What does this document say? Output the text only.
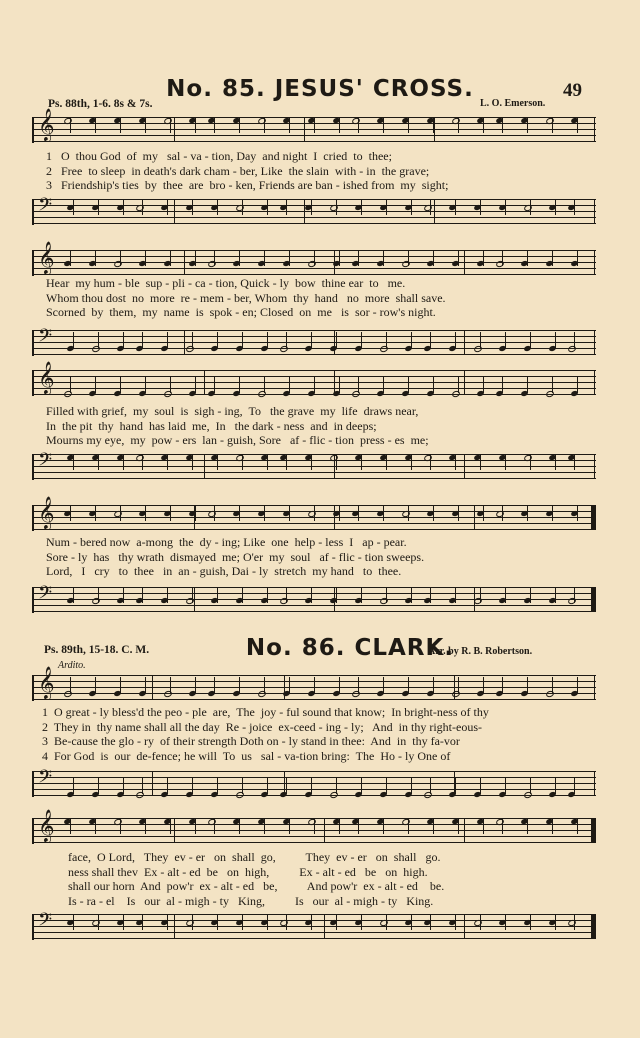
49
No. 85. JESUS' CROSS.
Ps. 88th, 1-6. 8s & 7s.	L. O. Emerson.
𝄞
1   O  thou God  of  my   sal - va - tion, Day  and night  I  cried  to  thee;
2   Free  to sleep  in death's dark cham - ber, Like  the slain  with - in  the grave;
3   Friendship's ties  by  thee  are  bro - ken, Friends are ban - ished from  my  sight;
𝄢
𝄞
Hear  my hum - ble  sup - pli - ca - tion, Quick - ly  bow  thine ear  to   me.
Whom thou dost  no  more  re - mem - ber, Whom  thy  hand   no  more  shall save.
Scorned  by  them,  my  name  is  spok - en; Closed  on  me   is  sor - row's night.
𝄢
𝄞
Filled with grief,  my  soul  is  sigh - ing,  To   the grave  my  life  draws near,
In  the pit  thy  hand  has laid  me,  In   the dark - ness  and  in deeps;
Mourns my eye,  my  pow - ers  lan - guish, Sore   af - flic - tion  press - es  me;
𝄢
𝄞
Num - bered now  a-mong  the  dy - ing; Like  one  help - less  I   ap - pear.
Sore - ly  has   thy wrath  dismayed  me; O'er  my  soul   af - flic - tion sweeps.
Lord,   I   cry   to  thee   in  an - guish, Dai - ly  stretch  my hand   to  thee.
𝄢
Ps. 89th, 15-18. C. M.	No. 86. CLARK.
Arr. by R. B. Robertson.
Ardito.
𝄞
1  O great - ly bless'd the peo - ple  are,  The  joy - ful sound that know;  In bright-ness of thy
2  They in  thy name shall all the day  Re - joice  ex-ceed - ing - ly;   And  in thy right-eous-
3  Be-cause the glo - ry  of their strength Doth on - ly stand in thee:  And  in  thy fa-vor
4  For God  is  our  de-fence; he will  To  us   sal - va-tion bring:  The  Ho - ly One of
𝄢
𝄞
face,  O Lord,   They  ev - er   on  shall  go,          They  ev - er   on  shall   go.
ness shall thev  Ex - alt - ed  be   on  high,          Ex - alt - ed   be   on  high.
shall our horn  And  pow'r  ex - alt - ed   be,          And pow'r  ex - alt - ed    be.
Is - ra - el    Is   our  al - migh - ty   King,          Is   our  al - migh - ty   King.
𝄢
